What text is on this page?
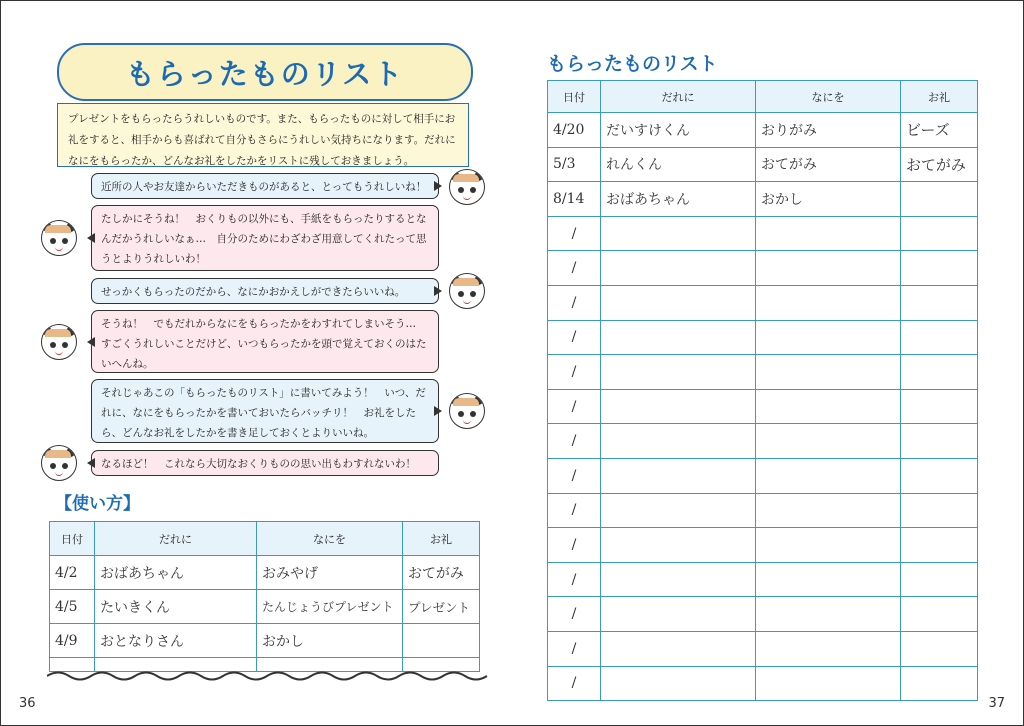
もらったものリスト
プレゼントをもらったらうれしいものです。また、もらったものに対して相手にお礼をすると、相手からも喜ばれて自分もさらにうれしい気持ちになります。だれになにをもらったか、どんなお礼をしたかをリストに残しておきましょう。
近所の人やお友達からいただきものがあると、とってもうれしいね！
たしかにそうね！　おくりもの以外にも、手紙をもらったりするとなんだかうれしいなぁ…　自分のためにわざわざ用意してくれたって思うとよりうれしいわ！
せっかくもらったのだから、なにかおかえしができたらいいね。
そうね！　でもだれからなにをもらったかをわすれてしまいそう…　すごくうれしいことだけど、いつもらったかを頭で覚えておくのはたいへんね。
それじゃあこの「もらったものリスト」に書いてみよう！　いつ、だれに、なにをもらったかを書いておいたらバッチリ！　お礼をしたら、どんなお礼をしたかを書き足しておくとよりいいね。
なるほど！　これなら大切なおくりものの思い出もわすれないわ！
【使い方】
日付	だれに	なにを	お礼
4/2	おばあちゃん	おみやげ	おてがみ
4/5	たいきくん	たんじょうびプレゼント	プレゼント
4/9	おとなりさん	おかし	

36
もらったものリスト
日付	だれに	なにを	お礼
4/20	だいすけくん	おりがみ	ビーズ
5/3	れんくん	おてがみ	おてがみ
8/14	おばあちゃん	おかし	
/			
/			
/			
/			
/			
/			
/			
/			
/			
/			
/			
/			
/			
/			
37
